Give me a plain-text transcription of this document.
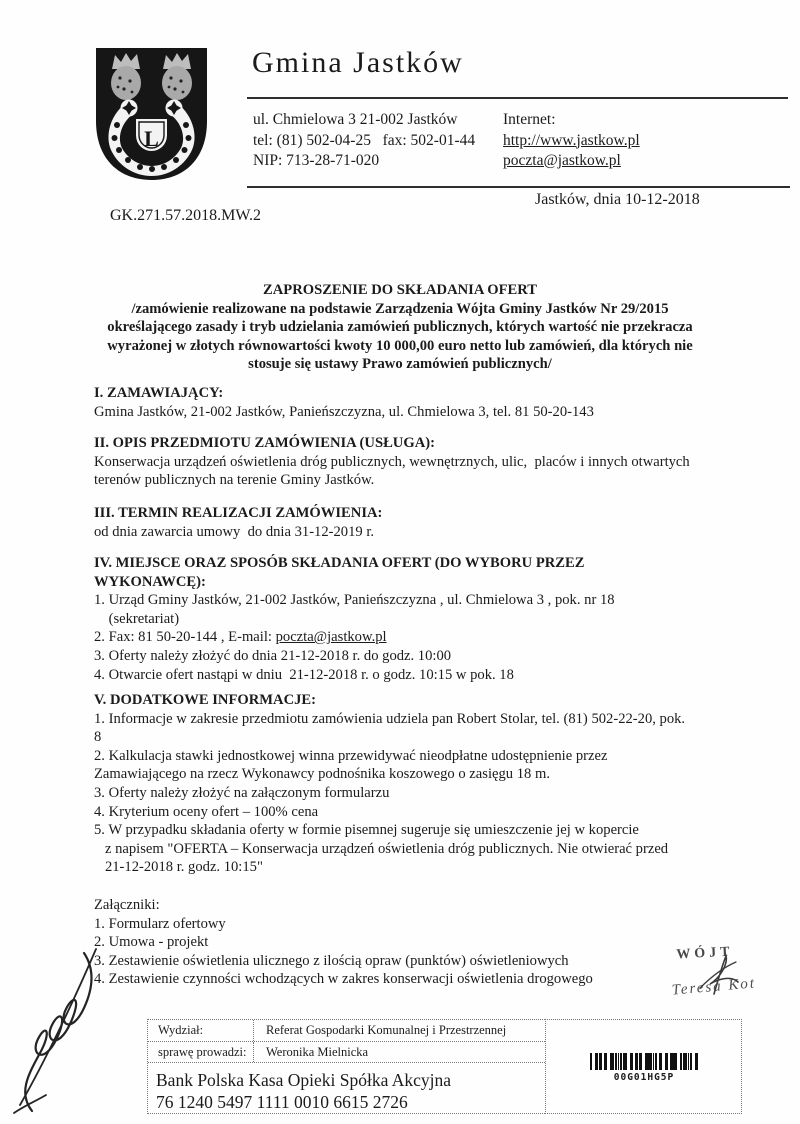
L
Gmina Jastków
ul. Chmielowa 3 21-002 Jastków
tel: (81) 502-04-25   fax: 502-01-44
NIP: 713-28-71-020
Internet:
http://www.jastkow.pl
poczta@jastkow.pl
Jastków, dnia 10-12-2018
GK.271.57.2018.MW.2
ZAPROSZENIE DO SKŁADANIA OFERT
/zamówienie realizowane na podstawie Zarządzenia Wójta Gminy Jastków Nr 29/2015
określającego zasady i tryb udzielania zamówień publicznych, których wartość nie przekracza
wyrażonej w złotych równowartości kwoty 10 000,00 euro netto lub zamówień, dla których nie
stosuje się ustawy Prawo zamówień publicznych/
I. ZAMAWIAJĄCY:
Gmina Jastków, 21-002 Jastków, Panieńszczyzna, ul. Chmielowa 3, tel. 81 50-20-143
II. OPIS PRZEDMIOTU ZAMÓWIENIA (USŁUGA):
Konserwacja urządzeń oświetlenia dróg publicznych, wewnętrznych, ulic,  placów i innych otwartych
terenów publicznych na terenie Gminy Jastków.
III. TERMIN REALIZACJI ZAMÓWIENIA:
od dnia zawarcia umowy  do dnia 31-12-2019 r.
IV. MIEJSCE ORAZ SPOSÓB SKŁADANIA OFERT (DO WYBORU PRZEZ
WYKONAWCĘ):
1. Urząd Gminy Jastków, 21-002 Jastków, Panieńszczyzna , ul. Chmielowa 3 , pok. nr 18
(sekretariat)
2. Fax: 81 50-20-144 , E-mail: poczta@jastkow.pl
3. Oferty należy złożyć do dnia 21-12-2018 r. do godz. 10:00
4. Otwarcie ofert nastąpi w dniu  21-12-2018 r. o godz. 10:15 w pok. 18
V. DODATKOWE INFORMACJE:
1. Informacje w zakresie przedmiotu zamówienia udziela pan Robert Stolar, tel. (81) 502-22-20, pok.
8
2. Kalkulacja stawki jednostkowej winna przewidywać nieodpłatne udostępnienie przez
Zamawiającego na rzecz Wykonawcy podnośnika koszowego o zasięgu 18 m.
3. Oferty należy złożyć na załączonym formularzu
4. Kryterium oceny ofert – 100% cena
5. W przypadku składania oferty w formie pisemnej sugeruje się umieszczenie jej w kopercie
z napisem "OFERTA – Konserwacja urządzeń oświetlenia dróg publicznych. Nie otwierać przed
21-12-2018 r. godz. 10:15"
Załączniki:
1. Formularz ofertowy
2. Umowa - projekt
3. Zestawienie oświetlenia ulicznego z ilością opraw (punktów) oświetleniowych
4. Zestawienie czynności wchodzących w zakres konserwacji oświetlenia drogowego
WÓJT
Teresa Kot
Wydział:	Referat Gospodarki Komunalnej i Przestrzennej
sprawę prowadzi:	Weronika Mielnicka
Bank Polska Kasa Opieki Spółka Akcyjna
76 1240 5497 1111 0010 6615 2726
00G01HG5P
